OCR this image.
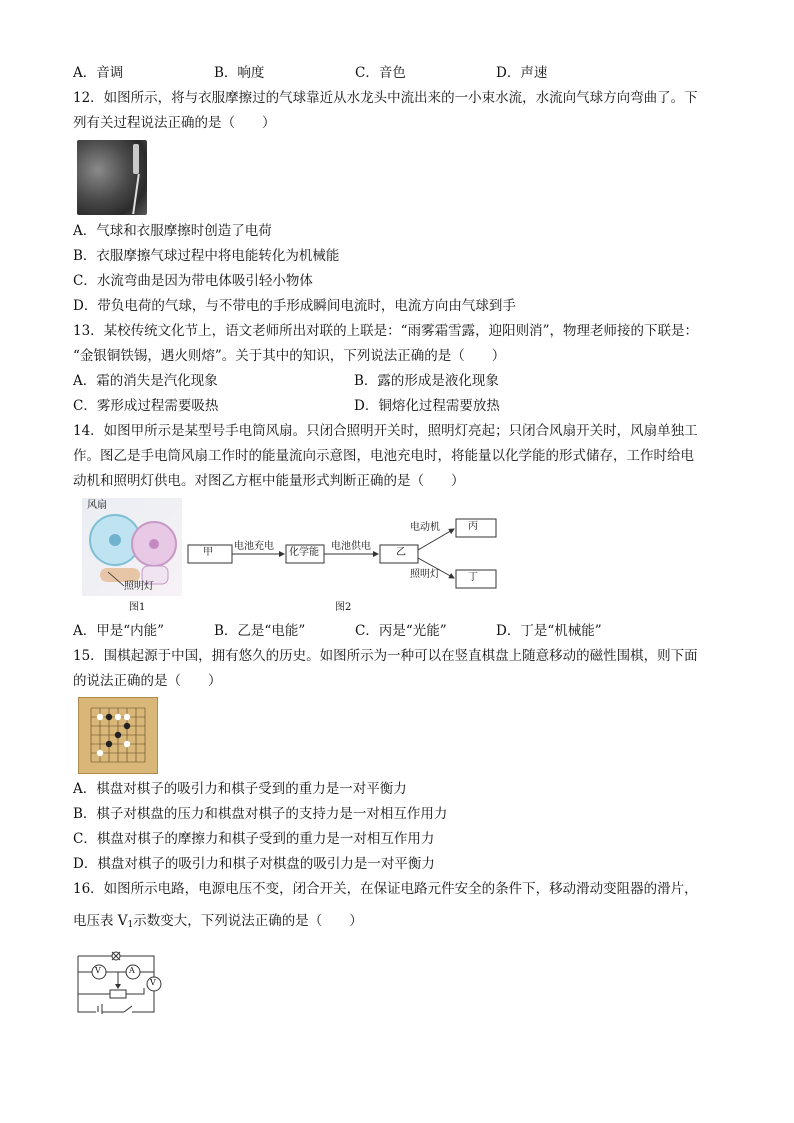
A．音调	B．响度	C．音色	D．声速
12．如图所示，将与衣服摩擦过的气球靠近从水龙头中流出来的一小束水流，水流向气球方向弯曲了。下
列有关过程说法正确的是（　　）
A．气球和衣服摩擦时创造了电荷
B．衣服摩擦气球过程中将电能转化为机械能
C．水流弯曲是因为带电体吸引轻小物体
D．带负电荷的气球，与不带电的手形成瞬间电流时，电流方向由气球到手
13．某校传统文化节上，语文老师所出对联的上联是：“雨雾霜雪露，迎阳则消”，物理老师接的下联是：
“金银铜铁锡，遇火则熔”。关于其中的知识，下列说法正确的是（　　）
A．霜的消失是汽化现象	B．露的形成是液化现象
C．雾形成过程需要吸热	D．铜熔化过程需要放热
14．如图甲所示是某型号手电筒风扇。只闭合照明开关时，照明灯亮起；只闭合风扇开关时，风扇单独工
作。图乙是手电筒风扇工作时的能量流向示意图，电池充电时，将能量以化学能的形式储存，工作时给电
动机和照明灯供电。对图乙方框中能量形式判断正确的是（　　）
风扇
照明灯
图1
甲
电池充电
化学能
电池供电
乙
电动机
照明灯
丙
丁
图2
A．甲是“内能”	B．乙是“电能”	C．丙是“光能”	D．丁是“机械能”
15．围棋起源于中国，拥有悠久的历史。如图所示为一种可以在竖直棋盘上随意移动的磁性围棋，则下面
的说法正确的是（　　）
A．棋盘对棋子的吸引力和棋子受到的重力是一对平衡力
B．棋子对棋盘的压力和棋盘对棋子的支持力是一对相互作用力
C．棋盘对棋子的摩擦力和棋子受到的重力是一对相互作用力
D．棋盘对棋子的吸引力和棋子对棋盘的吸引力是一对平衡力
16．如图所示电路，电源电压不变，闭合开关，在保证电路元件安全的条件下，移动滑动变阻器的滑片，
电压表 $V_1$示数变大，下列说法正确的是（　　）
V	A
V
